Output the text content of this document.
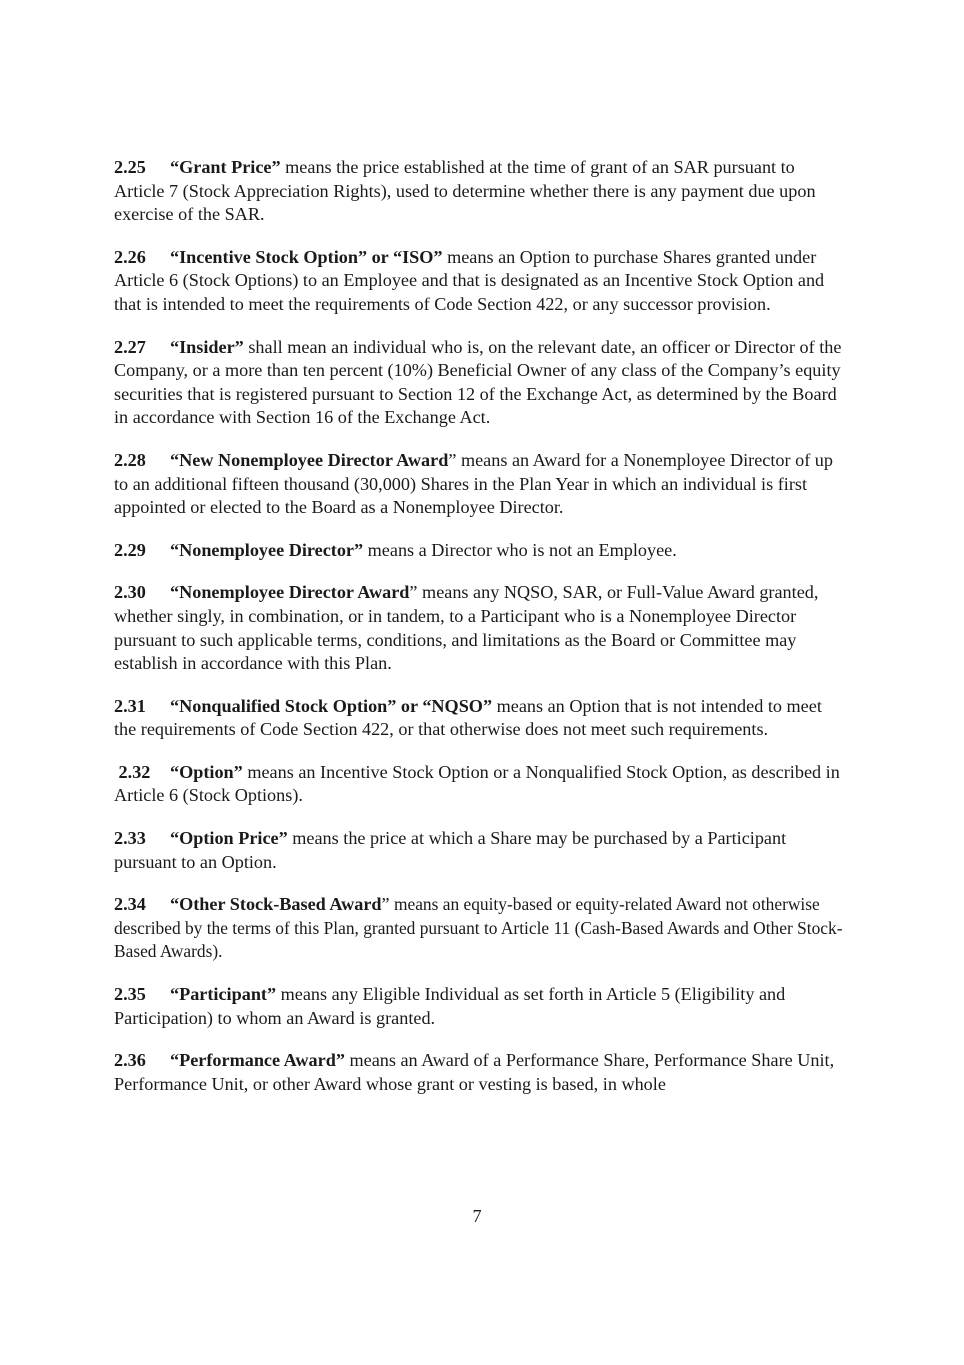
2.25 “Grant Price” means the price established at the time of grant of an SAR pursuant to Article 7 (Stock Appreciation Rights), used to determine whether there is any payment due upon exercise of the SAR.

2.26 “Incentive Stock Option” or “ISO” means an Option to purchase Shares granted under Article 6 (Stock Options) to an Employee and that is designated as an Incentive Stock Option and that is intended to meet the requirements of Code Section 422, or any successor provision.

2.27 “Insider” shall mean an individual who is, on the relevant date, an officer or Director of the Company, or a more than ten percent (10%) Beneficial Owner of any class of the Company’s equity securities that is registered pursuant to Section 12 of the Exchange Act, as determined by the Board in accordance with Section 16 of the Exchange Act.

2.28 “New Nonemployee Director Award” means an Award for a Nonemployee Director of up to an additional fifteen thousand (30,000) Shares in the Plan Year in which an individual is first appointed or elected to the Board as a Nonemployee Director.

2.29 “Nonemployee Director” means a Director who is not an Employee.

2.30 “Nonemployee Director Award” means any NQSO, SAR, or Full-Value Award granted, whether singly, in combination, or in tandem, to a Participant who is a Nonemployee Director pursuant to such applicable terms, conditions, and limitations as the Board or Committee may establish in accordance with this Plan.

2.31 “Nonqualified Stock Option” or “NQSO” means an Option that is not intended to meet the requirements of Code Section 422, or that otherwise does not meet such requirements.

2.32 “Option” means an Incentive Stock Option or a Nonqualified Stock Option, as described in Article 6 (Stock Options).

2.33 “Option Price” means the price at which a Share may be purchased by a Participant pursuant to an Option.

2.34 “Other Stock-Based Award” means an equity-based or equity-related Award not otherwise described by the terms of this Plan, granted pursuant to Article 11 (Cash-Based Awards and Other Stock-Based Awards).

2.35 “Participant” means any Eligible Individual as set forth in Article 5 (Eligibility and Participation) to whom an Award is granted.

2.36 “Performance Award” means an Award of a Performance Share, Performance Share Unit, Performance Unit, or other Award whose grant or vesting is based, in whole

7
